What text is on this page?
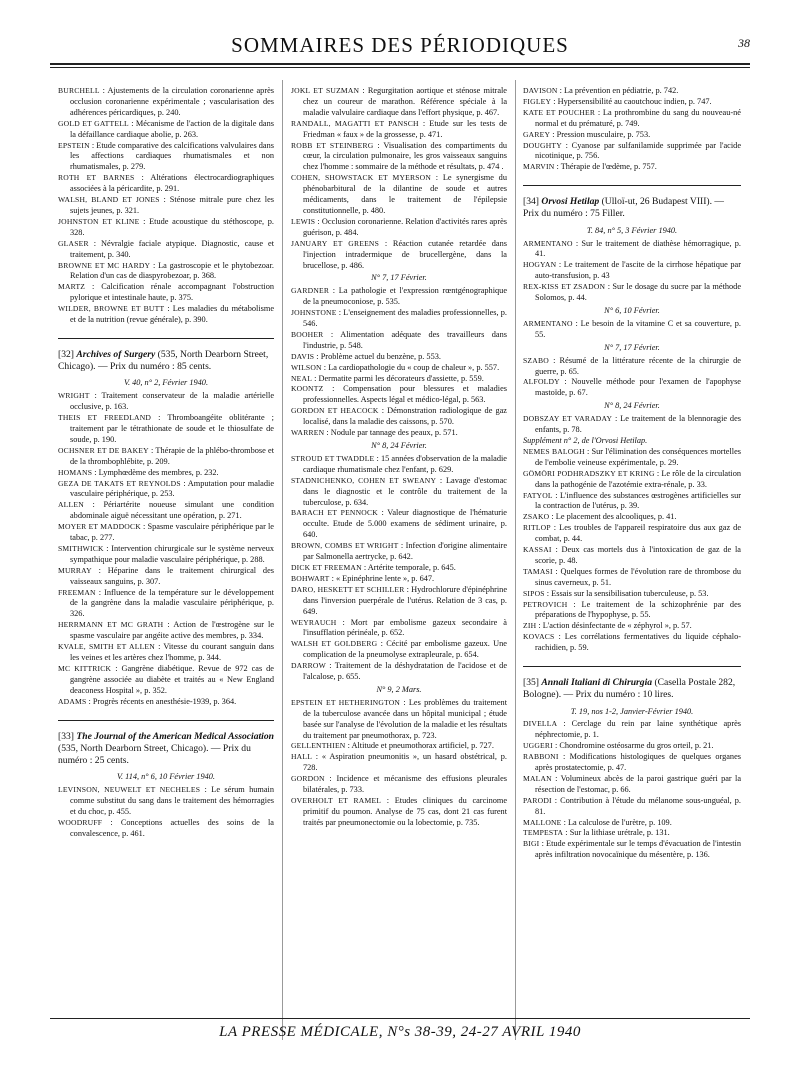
SOMMAIRES DES PÉRIODIQUES	38

BURCHELL : Ajustements de la circulation coronarienne après occlusion coronarienne expérimentale ; vascularisation des adhérences péricardiques, p. 240.

GOLD ET GATTELL : Mécanisme de l'action de la digitale dans la défaillance cardiaque aboliе, p. 263.

EPSTEIN : Etude comparative des calcifications valvulaires dans les affections cardiaques rhumatismales et non rhumatismales, p. 279.

ROTH ET BARNES : Altérations électrocardiographiques associées à la péricardite, p. 291.

WALSH, BLAND ET JONES : Sténose mitrale pure chez les sujets jeunes, p. 321.

JOHNSTON ET KLINE : Etude acoustique du stéthoscope, p. 328.

GLASER : Névralgie faciale atypique. Diagnostic, cause et traitement, p. 340.

BROWNE ET MC HARDY : La gastroscopie et le phytobezoar. Relation d'un cas de diaspyrobezoar, p. 368.

MARTZ : Calcification rénale accompagnant l'obstruction pylorique et intestinale haute, p. 375.

WILDER, BROWNE ET BUTT : Les maladies du métabolisme et de la nutrition (revue générale), p. 390.

[32] Archives of Surgery (535, North Dearborn Street, Chicago). — Prix du numéro : 85 cents.

V. 40, n° 2, Février 1940.

WRIGHT : Traitement conservateur de la maladie artérielle occlusive, p. 163.

THEIS ET FREEDLAND : Thromboangéite oblitérante ; traitement par le tétrathionate de soude et le thiosulfate de soude, p. 190.

OCHSNER ET DE BAKEY : Thérapie de la phlébo-thrombose et de la thrombophlébite, p. 209.

HOMANS : Lymphœdème des membres, p. 232.

GEZA DE TAKATS ET REYNOLDS : Amputation pour maladie vasculaire périphérique, p. 253.

ALLEN : Périartérite noueuse simulant une condition abdominale aiguë nécessitant une opération, p. 271.

MOYER ET MADDOCK : Spasme vasculaire périphérique par le tabac, p. 277.

SMITHWICK : Intervention chirurgicale sur le système nerveux sympathique pour maladie vasculaire périphérique, p. 288.

MURRAY : Héparine dans le traitement chirurgical des vaisseaux sanguins, p. 307.

FREEMAN : Influence de la température sur le développement de la gangrène dans la maladie vasculaire périphérique, p. 326.

HERRMANN ET MC GRATH : Action de l'œstrogène sur le spasme vasculaire par angéite active des membres, p. 334.

KVALE, SMITH ET ALLEN : Vitesse du courant sanguin dans les veines et les artères chez l'homme, p. 344.

MC KITTRICK : Gangrène diabétique. Revue de 972 cas de gangrène associée au diabète et traités au « New England deaconess Hospital », p. 352.

ADAMS : Progrès récents en anesthésie-1939, p. 364.

[33] The Journal of the American Medical Association (535, North Dearborn Street, Chicago). — Prix du numéro : 25 cents.

V. 114, n° 6, 10 Février 1940.

LEVINSON, NEUWELT ET NECHELES : Le sérum humain comme substitut du sang dans le traitement des hémorragies et du choc, p. 455.

WOODRUFF : Conceptions actuelles des soins de la convalescence, p. 461.

JOKL ET SUZMAN : Regurgitation aortique et sténose mitrale chez un coureur de marathon. Référence spéciale à la maladie valvulaire cardiaque dans l'effort physique, p. 467.

RANDALL, MAGATTI ET PANSCH : Etude sur les tests de Friedman « faux » de la grossesse, p. 471.

ROBB ET STEINBERG : Visualisation des compartiments du cœur, la circulation pulmonaire, les gros vaisseaux sanguins chez l'homme : sommaire de la méthode et résultats, p. 474 .

COHEN, SHOWSTACK ET MYERSON : Le synergisme du phénobarbitural de la dilantine de soude et autres médicaments, dans le traitement de l'épilepsie constitutionnelle, p. 480.

LEWIS : Occlusion coronarienne. Relation d'activités rares après guérison, p. 484.

JANUARY ET GREENS : Réaction cutanée retardée dans l'injection intradermique de brucellergène, dans la brucellose, p. 486.

N° 7, 17 Février.

GARDNER : La pathologie et l'expression rœntgénographique de la pneumoconiose, p. 535.

JOHNSTONE : L'enseignement des maladies professionnelles, p. 546.

BOOHER : Alimentation adéquate des travailleurs dans l'industrie, p. 548.

DAVIS : Problème actuel du benzène, p. 553.

WILSON : La cardiopathologie du « coup de chaleur », p. 557.

NEAL : Dermatite parmi les décorateurs d'assiette, p. 559.

KOONTZ : Compensation pour blessures et maladies professionnelles. Aspects légal et médico-légal, p. 563.

GORDON ET HEACOCK : Démonstration radiologique de gaz localisé, dans la maladie des caissons, p. 570.

WARREN : Nodule par tannage des peaux, p. 571.

N° 8, 24 Février.

STROUD ET TWADDLE : 15 années d'observation de la maladie cardiaque rhumatismale chez l'enfant, p. 629.

STADNICHENKO, COHEN ET SWEANY : Lavage d'estomac dans le diagnostic et le contrôle du traitement de la tuberculose, p. 634.

BARACH ET PENNOCK : Valeur diagnostique de l'hématurie occulte. Etude de 5.000 examens de sédiment urinaire, p. 640.

BROWN, COMBS ET WRIGHT : Infection d'origine alimentaire par Salmonella aertrycke, p. 642.

DICK ET FREEMAN : Artérite temporale, p. 645.

BOHWART : « Epinéphrine lente », p. 647.

DARO, HESKETT ET SCHILLER : Hydrochlorure d'épinéphrine dans l'inversion puerpérale de l'utérus. Relation de 3 cas, p. 649.

WEYRAUCH : Mort par embolisme gazeux secondaire à l'insufflation périnéale, p. 652.

WALSH ET GOLDBERG : Cécité par embolisme gazeux. Une complication de la pneumolyse extrapleurale, p. 654.

DARROW : Traitement de la déshydratation de l'acidose et de l'alcalose, p. 655.

N° 9, 2 Mars.

EPSTEIN ET HETHERINGTON : Les problèmes du traitement de la tuberculose avancée dans un hôpital municipal ; étude basée sur l'analyse de l'évolution de la maladie et les résultats du traitement par pneumothorax, p. 723.

GELLENTHIEN : Altitude et pneumothorax artificiel, p. 727.

HALL : « Aspiration pneumonitis », un hasard obstétrical, p. 728.

GORDON : Incidence et mécanisme des effusions pleurales bilatérales, p. 733.

OVERHOLT ET RAMEL : Etudes cliniques du carcinome primitif du poumon. Analyse de 75 cas, dont 21 cas furent traités par pneumonectomie ou la lobectomie, p. 735.

DAVISON : La prévention en pédiatrie, p. 742.

FIGLEY : Hypersensibilité au caoutchouc indien, p. 747.

KATE ET POUCHER : La prothrombine du sang du nouveau-né normal et du prématuré, p. 749.

GAREY : Pression musculaire, p. 753.

DOUGHTY : Cyanose par sulfanilamide supprimée par l'acide nicotinique, p. 756.

MARVIN : Thérapie de l'œdème, p. 757.

[34] Orvosi Hetilap (Ulloï-ut, 26 Budapest VIII). — Prix du numéro : 75 Filler.

T. 84, n° 5, 3 Février 1940.

ARMENTANO : Sur le traitement de diathèse hémorragique, p. 41.

HOGYAN : Le traitement de l'ascite de la cirrhose hépatique par auto-transfusion, p. 43

REX-KISS ET ZSADON : Sur le dosage du sucre par la méthode Solomos, p. 44.

N° 6, 10 Février.

ARMENTANO : Le besoin de la vitamine C et sa couverture, p. 55.

N° 7, 17 Février.

SZABO : Résumé de la littérature récente de la chirurgie de guerre, p. 65.

ALFOLDY : Nouvelle méthode pour l'examen de l'apophyse mastoïde, p. 67.

N° 8, 24 Février.

DOBSZAY ET VARADAY : Le traitement de la blennoragie des enfants, p. 78.

Supplément n° 2, de l'Orvosi Hetilap.

NEMES BALOGH : Sur l'élimination des conséquences mortelles de l'embolie veineuse expérimentale, p. 29.

GÖMÖRI PODHRADSZKY ET KRING : Le rôle de la circulation dans la pathogénie de l'azotémie extra-rénale, p. 33.

FATYOL : L'influence des substances œstrogènes artificielles sur la contraction de l'utérus, p. 39.

ZSAKO : Le placement des alcooliques, p. 41.

RITLOP : Les troubles de l'appareil respiratoire dus aux gaz de combat, p. 44.

KASSAI : Deux cas mortels dus à l'intoxication de gaz de la scorie, p. 48.

TAMASI : Quelques formes de l'évolution rare de thrombose du sinus caverneux, p. 51.

SIPOS : Essais sur la sensibilisation tuberculeuse, p. 53.

PETROVICH : Le traitement de la schizophrénie par des préparations de l'hypophyse, p. 55.

ZIH : L'action désinfectante de « zéphyrol », p. 57.

KOVACS : Les corrélations fermentatives du liquide céphalo-rachidien, p. 59.

[35] Annali Italiani di Chirurgia (Casella Postale 282, Bologne). — Prix du numéro : 10 lires.

T. 19, nos 1-2, Janvier-Février 1940.

DIVELLA : Cerclage du rein par laine synthétique après néphrectomie, p. 1.

UGGERI : Chondromine ostéosarme du gros orteil, p. 21.

RABBONI : Modifications histologiques de quelques organes après prostatectomie, p. 47.

MALAN : Volumineux abcès de la paroi gastrique guéri par la résection de l'estomac, p. 66.

PARODI : Contribution à l'étude du mélanome sous-unguéal, p. 81.

MALLONE : La calculose de l'urètre, p. 109.

TEMPESTA : Sur la lithiase urétrale, p. 131.

BIGI : Etude expérimentale sur le temps d'évacuation de l'intestin après infiltration novocaïnique du mésentère, p. 136.

LA PRESSE MÉDICALE, N°s 38-39, 24-27 AVRIL 1940
